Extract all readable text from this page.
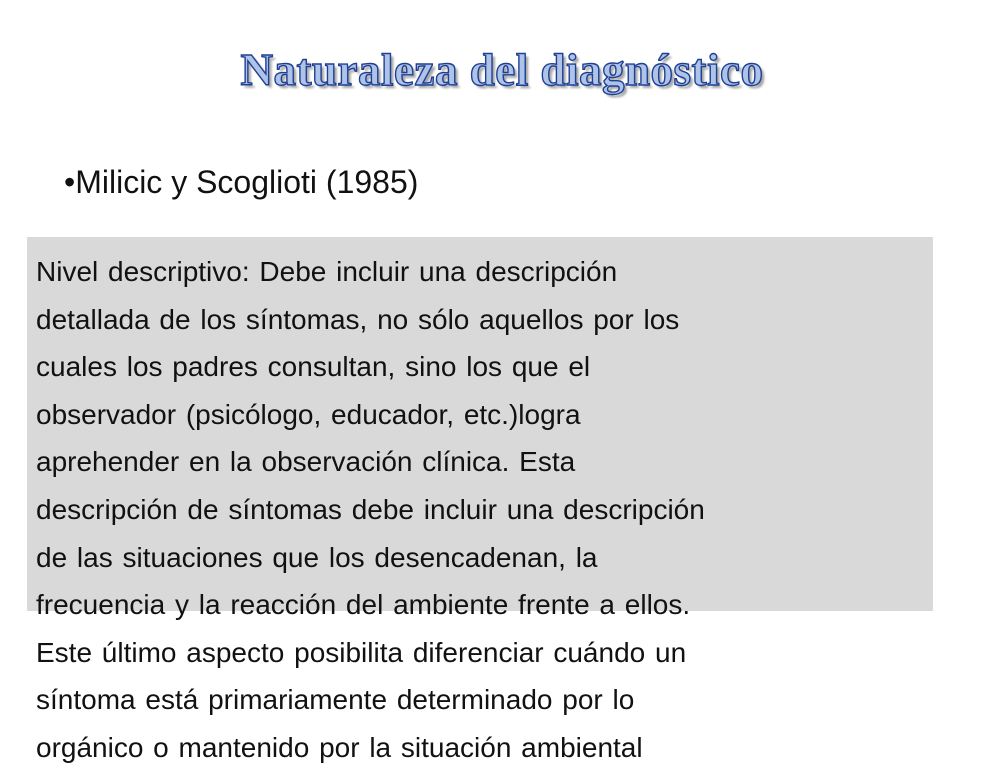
Naturaleza del diagnóstico
•Milicic y Scoglioti (1985)
Nivel descriptivo: Debe incluir una descripción
detallada de los síntomas, no sólo aquellos por los
cuales los padres consultan, sino los que el
observador (psicólogo, educador, etc.)logra
aprehender en la observación clínica. Esta
descripción de síntomas debe incluir una descripción
de las situaciones que los desencadenan, la
frecuencia y la reacción del ambiente frente a ellos.
Este último aspecto posibilita diferenciar cuándo un
síntoma está primariamente determinado por lo
orgánico o mantenido por la situación ambiental
